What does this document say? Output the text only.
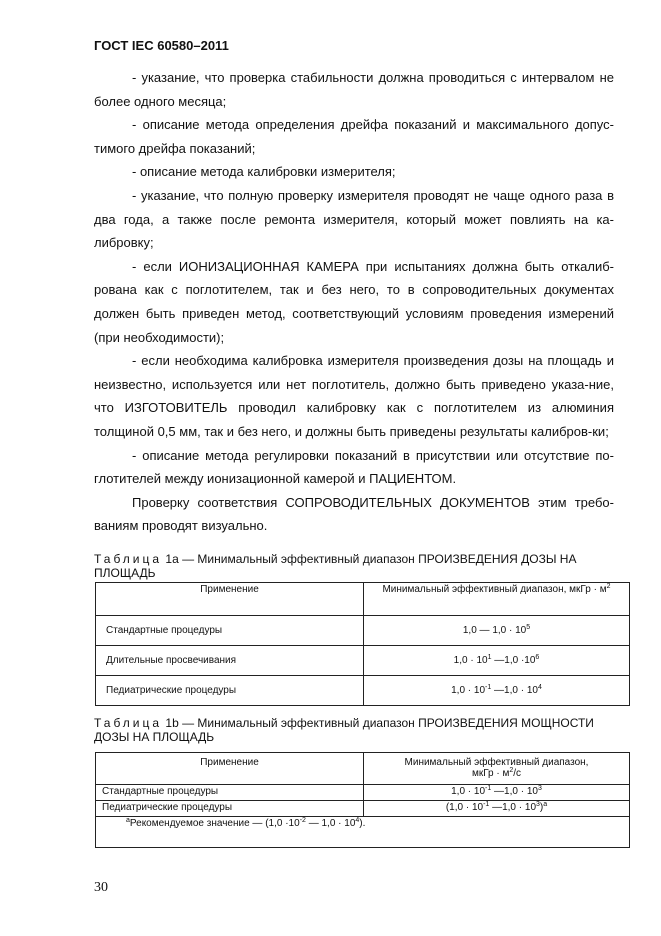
ГОСТ IEC 60580–2011

- указание, что проверка стабильности должна проводиться с интервалом не более одного месяца;

- описание метода определения дрейфа показаний и максимального допус-тимого дрейфа показаний;

- описание метода калибровки измерителя;

- указание, что полную проверку измерителя проводят не чаще одного раза в два года, а также после ремонта измерителя, который может повлиять на ка-либровку;

- если ИОНИЗАЦИОННАЯ КАМЕРА при испытаниях должна быть откалиб-рована как с поглотителем, так и без него, то в сопроводительных документах должен быть приведен метод, соответствующий условиям проведения измерений (при необходимости);

- если необходима калибровка измерителя произведения дозы на площадь и неизвестно, используется или нет поглотитель, должно быть приведено указа-ние, что ИЗГОТОВИТЕЛЬ проводил калибровку как с поглотителем из алюминия толщиной 0,5 мм, так и без него, и должны быть приведены результаты калибров-ки;

- описание метода регулировки показаний в присутствии или отсутствие по-глотителей между ионизационной камерой и ПАЦИЕНТОМ.

Проверку соответствия СОПРОВОДИТЕЛЬНЫХ ДОКУМЕНТОВ этим требо-ваниям проводят визуально.

Таблица 1а — Минимальный эффективный диапазон ПРОИЗВЕДЕНИЯ ДОЗЫ НА ПЛОЩАДЬ
Применение	Минимальный эффективный диапазон, мкГр · $м^2$
Стандартные процедуры	1,0 — $1,0 \cdot 10^5$
Длительные просвечивания	$1,0 \cdot 10^1$ —1,0 $\cdot 10^6$
Педиатрические процедуры	$1,0 \cdot 10^{-1}$ —1,0 · $10^4$
Таблица 1b — Минимальный эффективный диапазон ПРОИЗВЕДЕНИЯ МОЩНОСТИ ДОЗЫ НА ПЛОЩАДЬ
Применение	Минимальный эффективный диапазон,
мкГр · $м^2/с$
Стандартные процедуры	$1,0 \cdot 10^{-1}$ —1,0 · $10^3$
Педиатрические процедуры	($1,0 \cdot 10^{-1}$ —1,0 · $10^3)^a$
$^a$Рекомендуемое значение — ($1,0 \cdot 10^{-2}$ — $1,0 \cdot 10^4$).	
30
